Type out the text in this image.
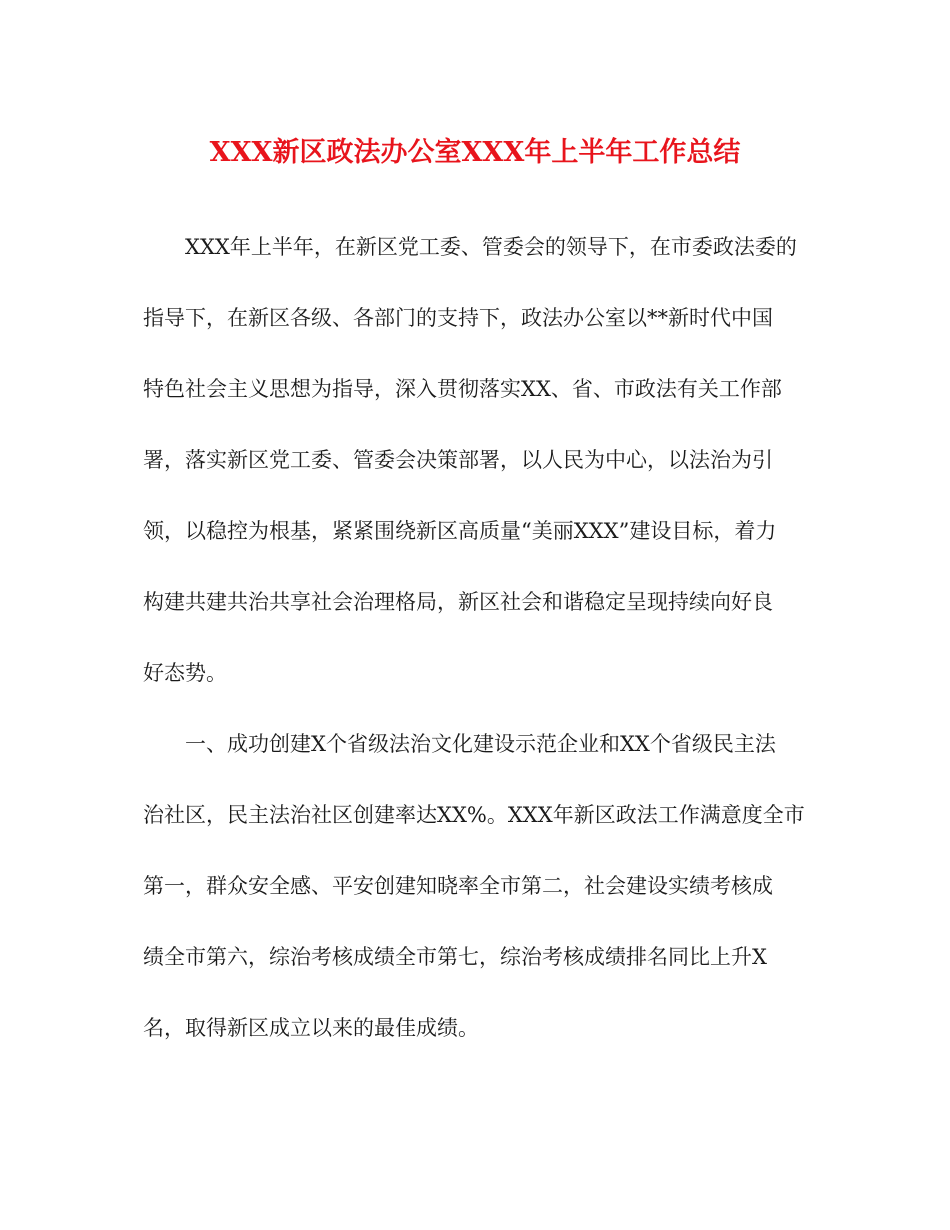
XXX新区政法办公室XXX年上半年工作总结
XXX年上半年，在新区党工委、管委会的领导下，在市委政法委的
指导下，在新区各级、各部门的支持下，政法办公室以**新时代中国
特色社会主义思想为指导，深入贯彻落实XX、省、市政法有关工作部
署，落实新区党工委、管委会决策部署，以人民为中心，以法治为引
领，以稳控为根基，紧紧围绕新区高质量“美丽XXX”建设目标，着力
构建共建共治共享社会治理格局，新区社会和谐稳定呈现持续向好良
好态势。
一、成功创建X个省级法治文化建设示范企业和XX个省级民主法
治社区，民主法治社区创建率达XX%。XXX年新区政法工作满意度全市
第一，群众安全感、平安创建知晓率全市第二，社会建设实绩考核成
绩全市第六，综治考核成绩全市第七，综治考核成绩排名同比上升X
名，取得新区成立以来的最佳成绩。
